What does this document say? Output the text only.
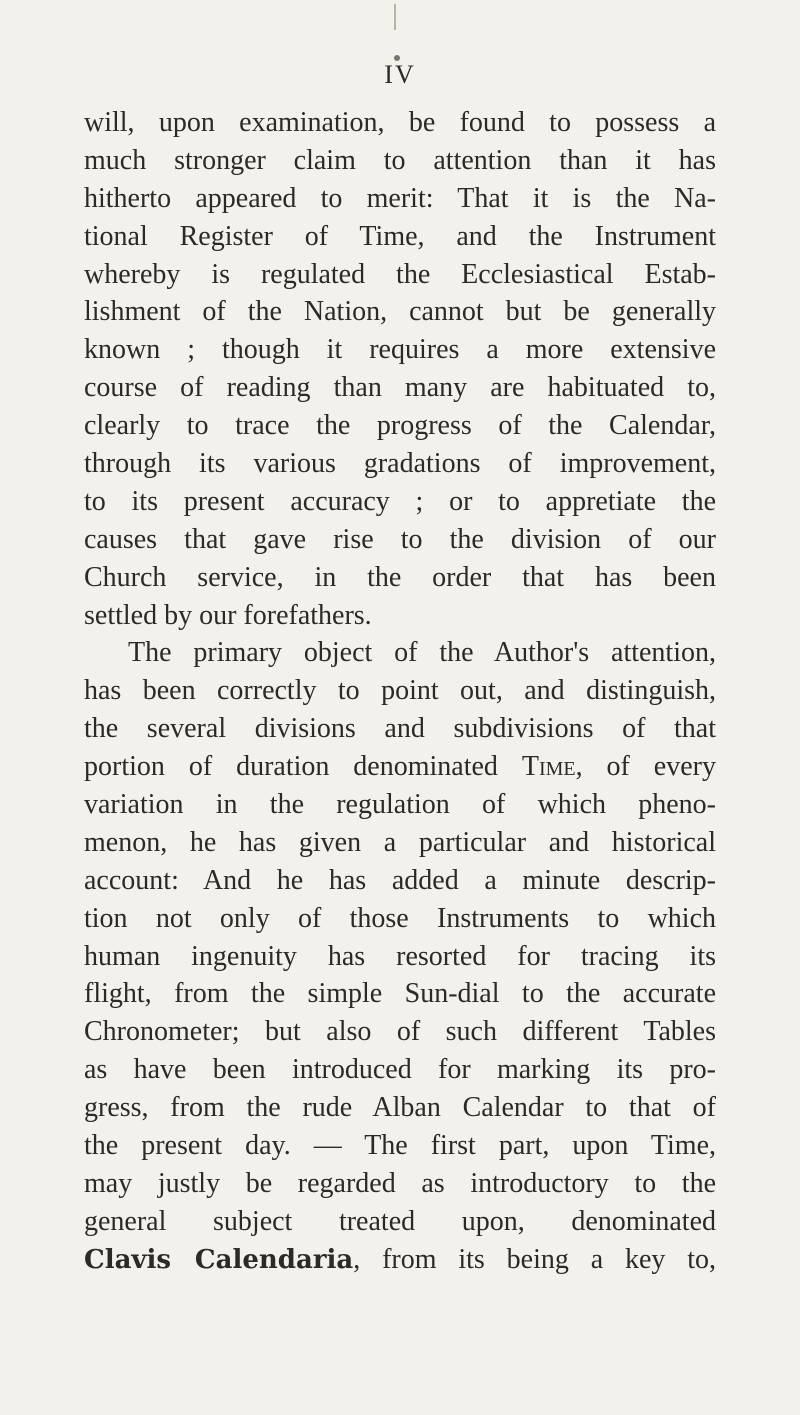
IV
will, upon examination, be found to possess a
much stronger claim to attention than it has
hitherto appeared to merit: That it is the Na-
tional Register of Time, and the Instrument
whereby is regulated the Ecclesiastical Estab-
lishment of the Nation, cannot but be generally
known ; though it requires a more extensive
course of reading than many are habituated to,
clearly to trace the progress of the Calendar,
through its various gradations of improvement,
to its present accuracy ; or to appretiate the
causes that gave rise to the division of our
Church service, in the order that has been
settled by our forefathers.
The primary object of the Author's attention,
has been correctly to point out, and distinguish,
the several divisions and subdivisions of that
portion of duration denominated Time, of every
variation in the regulation of which pheno-
menon, he has given a particular and historical
account: And he has added a minute descrip-
tion not only of those Instruments to which
human ingenuity has resorted for tracing its
flight, from the simple Sun-dial to the accurate
Chronometer; but also of such different Tables
as have been introduced for marking its pro-
gress, from the rude Alban Calendar to that of
the present day. — The first part, upon Time,
may justly be regarded as introductory to the
general subject treated upon, denominated
Clavis Calendaria, from its being a key to,
